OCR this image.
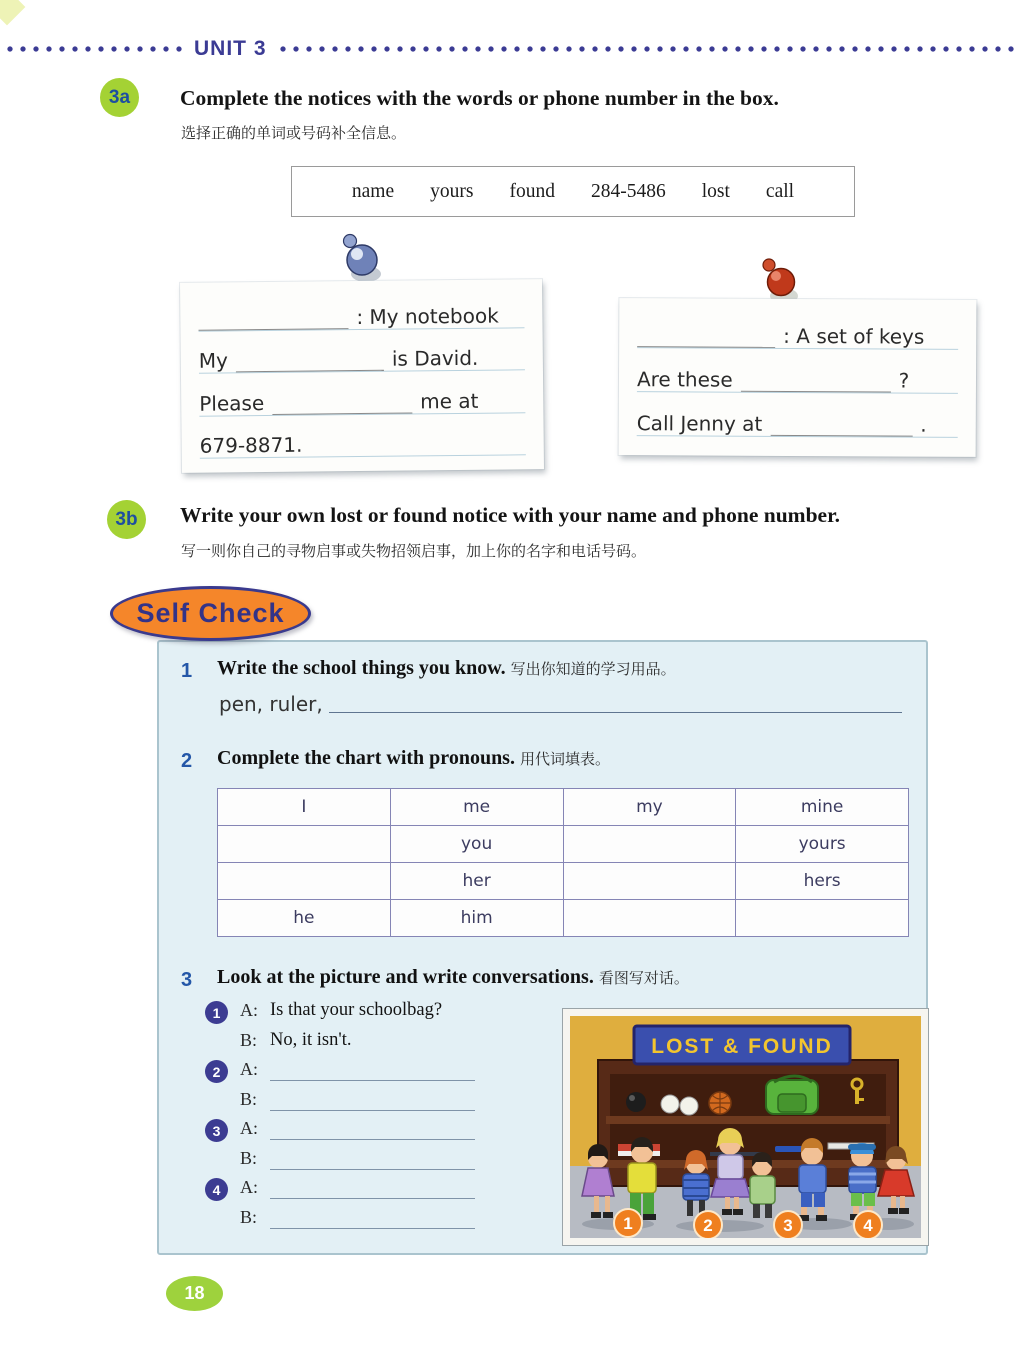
UNIT 3
3a	Complete the notices with the words or phone number in the box.
选择正确的单词或号码补全信息。
name yours found 284-5486 lost call
: My notebook
My	is David.
Please	me at
679-8871.
: A set of keys
Are these	?
Call Jenny at	.
3b	Write your own lost or found notice with your name and phone number.
写一则你自己的寻物启事或失物招领启事，加上你的名字和电话号码。
Self Check
1 Write the school things you know. 写出你知道的学习用品。
pen, ruler,
2 Complete the chart with pronouns. 用代词填表。
I	me	my	mine
	you		yours
	her		hers
he	him		
3 Look at the picture and write conversations. 看图写对话。
1	A: Is that your schoolbag?
B: No, it isn't.
2	A:
B:
3	A:
B:
4	A:
B:
LOST & FOUND
1	2	3	4
18
